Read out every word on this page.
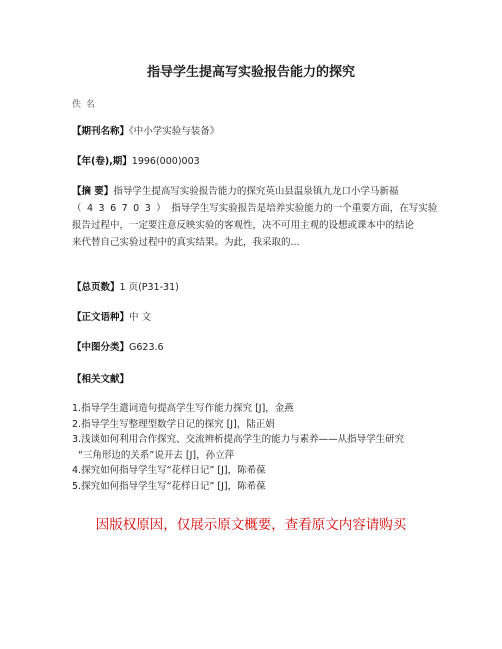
指导学生提高写实验报告能力的探究
佚 名
【期刊名称】《中小学实验与装备》
【年(卷),期】1996(000)003
【摘 要】指导学生提高写实验报告能力的探究英山县温泉镇九龙口小学马新福
（436703）指导学生写实验报告是培养实验能力的一个重要方面，在写实验
报告过程中，一定要注意反映实验的客观性，决不可用主观的设想或课本中的结论
来代替自己实验过程中的真实结果。为此，我采取的...
【总页数】1 页(P31-31)
【正文语种】中 文
【中图分类】G623.6
【相关文献】
1.指导学生遣词造句提高学生写作能力探究 [J]，金燕
2.指导学生写整理型数学日记的探究 [J]，陆正娟
3.浅谈如何利用合作探究、交流辨析提高学生的能力与素养——从指导学生研究
“三角形边的关系”说开去 [J]，孙立萍
4.探究如何指导学生写“花样日记” [J]，陈希葆
5.探究如何指导学生写“花样日记” [J]，陈希葆
因版权原因，仅展示原文概要，查看原文内容请购买
